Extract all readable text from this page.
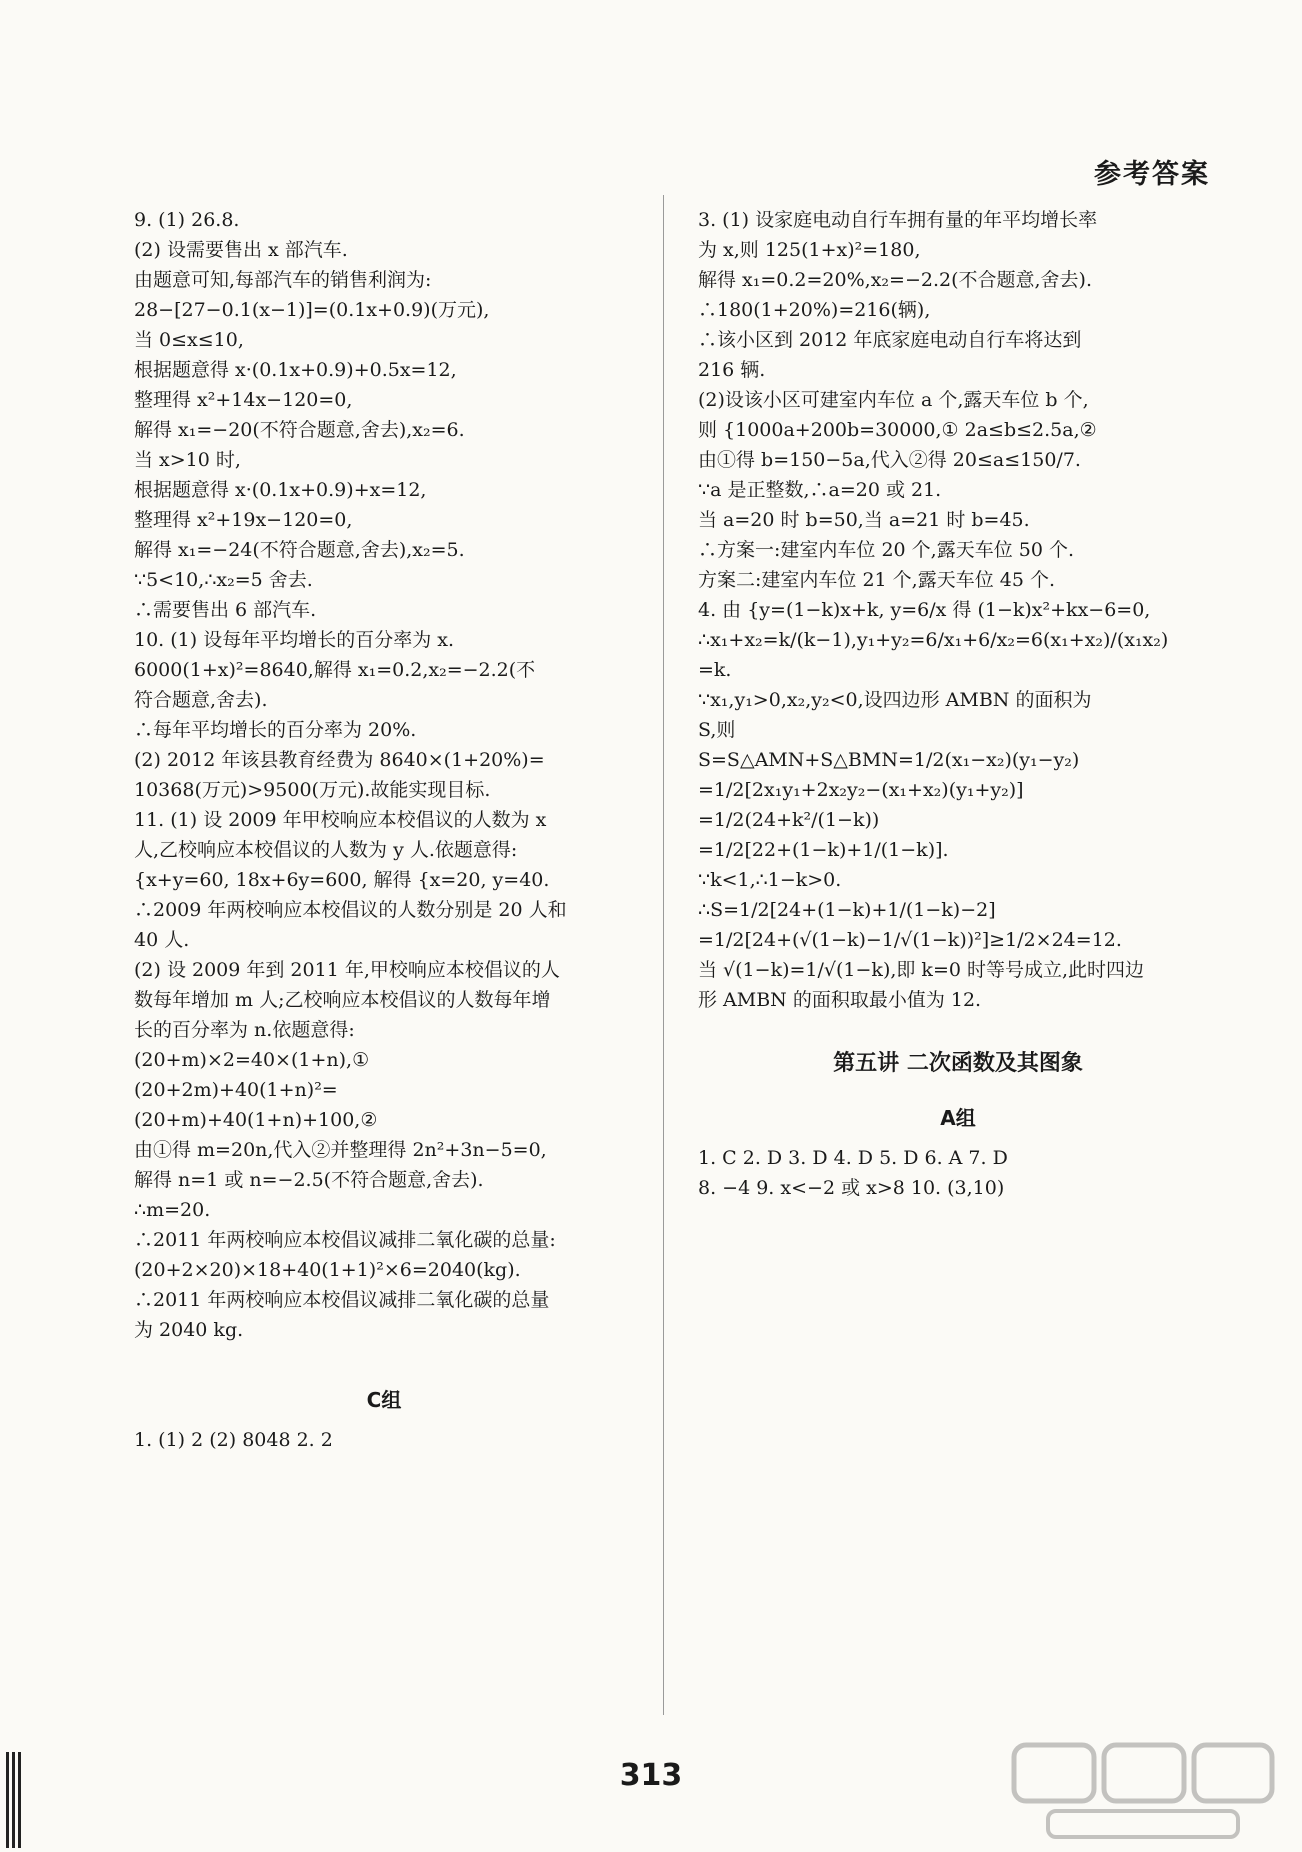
参考答案
9. (1) 26.8.
(2) 设需要售出 x 部汽车.
由题意可知,每部汽车的销售利润为:
28−[27−0.1(x−1)]=(0.1x+0.9)(万元),
当 0≤x≤10,
根据题意得 x·(0.1x+0.9)+0.5x=12,
整理得 x²+14x−120=0,
解得 x₁=−20(不符合题意,舍去),x₂=6.
当 x>10 时,
根据题意得 x·(0.1x+0.9)+x=12,
整理得 x²+19x−120=0,
解得 x₁=−24(不符合题意,舍去),x₂=5.
∵5<10,∴x₂=5 舍去.
∴需要售出 6 部汽车.
10. (1) 设每年平均增长的百分率为 x.
6000(1+x)²=8640,解得 x₁=0.2,x₂=−2.2(不
符合题意,舍去).
∴每年平均增长的百分率为 20%.
(2) 2012 年该县教育经费为 8640×(1+20%)=
10368(万元)>9500(万元).故能实现目标.
11. (1) 设 2009 年甲校响应本校倡议的人数为 x
人,乙校响应本校倡议的人数为 y 人.依题意得:
{x+y=60, 18x+6y=600, 解得 {x=20, y=40.
∴2009 年两校响应本校倡议的人数分别是 20 人和
40 人.
(2) 设 2009 年到 2011 年,甲校响应本校倡议的人
数每年增加 m 人;乙校响应本校倡议的人数每年增
长的百分率为 n.依题意得:
(20+m)×2=40×(1+n),①
(20+2m)+40(1+n)²=
(20+m)+40(1+n)+100,②
由①得 m=20n,代入②并整理得 2n²+3n−5=0,
解得 n=1 或 n=−2.5(不符合题意,舍去).
∴m=20.
∴2011 年两校响应本校倡议减排二氧化碳的总量:
(20+2×20)×18+40(1+1)²×6=2040(kg).
∴2011 年两校响应本校倡议减排二氧化碳的总量
为 2040 kg.
C组
1. (1) 2 (2) 8048 2. 2
3. (1) 设家庭电动自行车拥有量的年平均增长率
为 x,则 125(1+x)²=180,
解得 x₁=0.2=20%,x₂=−2.2(不合题意,舍去).
∴180(1+20%)=216(辆),
∴该小区到 2012 年底家庭电动自行车将达到
216 辆.
(2)设该小区可建室内车位 a 个,露天车位 b 个,
则 {1000a+200b=30000,① 2a≤b≤2.5a,②
由①得 b=150−5a,代入②得 20≤a≤150/7.
∵a 是正整数,∴a=20 或 21.
当 a=20 时 b=50,当 a=21 时 b=45.
∴方案一:建室内车位 20 个,露天车位 50 个.
方案二:建室内车位 21 个,露天车位 45 个.
4. 由 {y=(1−k)x+k, y=6/x 得 (1−k)x²+kx−6=0,
∴x₁+x₂=k/(k−1),y₁+y₂=6/x₁+6/x₂=6(x₁+x₂)/(x₁x₂)
=k.
∵x₁,y₁>0,x₂,y₂<0,设四边形 AMBN 的面积为
S,则
S=S△AMN+S△BMN=1/2(x₁−x₂)(y₁−y₂)
=1/2[2x₁y₁+2x₂y₂−(x₁+x₂)(y₁+y₂)]
=1/2(24+k²/(1−k))
=1/2[22+(1−k)+1/(1−k)].
∵k<1,∴1−k>0.
∴S=1/2[24+(1−k)+1/(1−k)−2]
=1/2[24+(√(1−k)−1/√(1−k))²]≥1/2×24=12.
当 √(1−k)=1/√(1−k),即 k=0 时等号成立,此时四边
形 AMBN 的面积取最小值为 12.
第五讲 二次函数及其图象
A组
1. C 2. D 3. D 4. D 5. D 6. A 7. D
8. −4 9. x<−2 或 x>8 10. (3,10)
313
